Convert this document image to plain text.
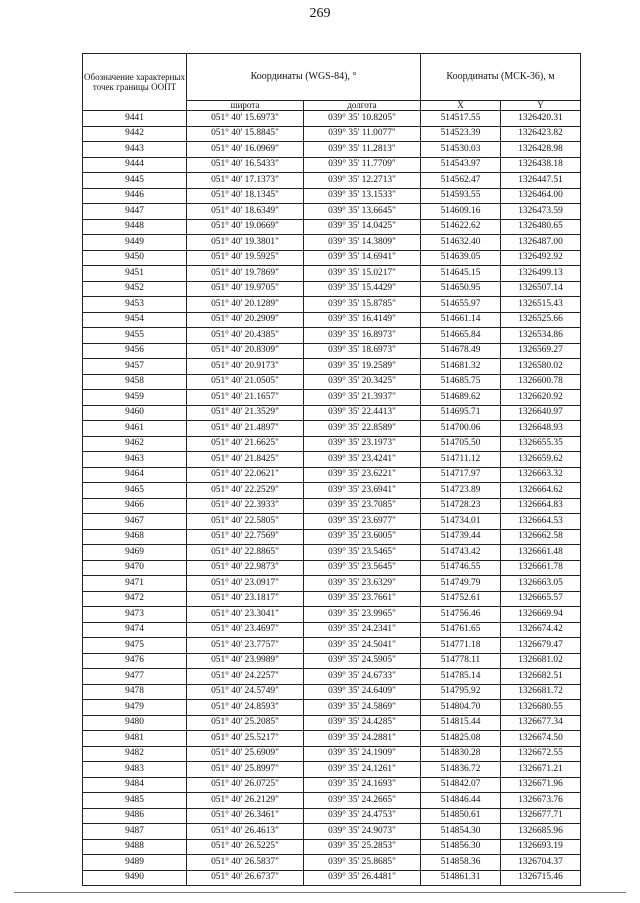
269
Обозначение характерных точек границы ООПТ	Координаты (WGS-84), °		Координаты (МСК-36), м	
	широта	долгота	X	Y
9441	051° 40' 15.6973"	039° 35' 10.8205"	514517.55	1326420.31
9442	051° 40' 15.8845"	039° 35' 11.0077"	514523.39	1326423.82
9443	051° 40' 16.0969"	039° 35' 11.2813"	514530.03	1326428.98
9444	051° 40' 16.5433"	039° 35' 11.7709"	514543.97	1326438.18
9445	051° 40' 17.1373"	039° 35' 12.2713"	514562.47	1326447.51
9446	051° 40' 18.1345"	039° 35' 13.1533"	514593.55	1326464.00
9447	051° 40' 18.6349"	039° 35' 13.6645"	514609.16	1326473.59
9448	051° 40' 19.0669"	039° 35' 14.0425"	514622.62	1326480.65
9449	051° 40' 19.3801"	039° 35' 14.3809"	514632.40	1326487.00
9450	051° 40' 19.5925"	039° 35' 14.6941"	514639.05	1326492.92
9451	051° 40' 19.7869"	039° 35' 15.0217"	514645.15	1326499.13
9452	051° 40' 19.9705"	039° 35' 15.4429"	514650.95	1326507.14
9453	051° 40' 20.1289"	039° 35' 15.8785"	514655.97	1326515.43
9454	051° 40' 20.2909"	039° 35' 16.4149"	514661.14	1326525.66
9455	051° 40' 20.4385"	039° 35' 16.8973"	514665.84	1326534.86
9456	051° 40' 20.8309"	039° 35' 18.6973"	514678.49	1326569.27
9457	051° 40' 20.9173"	039° 35' 19.2589"	514681.32	1326580.02
9458	051° 40' 21.0505"	039° 35' 20.3425"	514685.75	1326600.78
9459	051° 40' 21.1657"	039° 35' 21.3937"	514689.62	1326620.92
9460	051° 40' 21.3529"	039° 35' 22.4413"	514695.71	1326640.97
9461	051° 40' 21.4897"	039° 35' 22.8589"	514700.06	1326648.93
9462	051° 40' 21.6625"	039° 35' 23.1973"	514705.50	1326655.35
9463	051° 40' 21.8425"	039° 35' 23.4241"	514711.12	1326659.62
9464	051° 40' 22.0621"	039° 35' 23.6221"	514717.97	1326663.32
9465	051° 40' 22.2529"	039° 35' 23.6941"	514723.89	1326664.62
9466	051° 40' 22.3933"	039° 35' 23.7085"	514728.23	1326664.83
9467	051° 40' 22.5805"	039° 35' 23.6977"	514734.01	1326664.53
9468	051° 40' 22.7569"	039° 35' 23.6005"	514739.44	1326662.58
9469	051° 40' 22.8865"	039° 35' 23.5465"	514743.42	1326661.48
9470	051° 40' 22.9873"	039° 35' 23.5645"	514746.55	1326661.78
9471	051° 40' 23.0917"	039° 35' 23.6329"	514749.79	1326663.05
9472	051° 40' 23.1817"	039° 35' 23.7661"	514752.61	1326665.57
9473	051° 40' 23.3041"	039° 35' 23.9965"	514756.46	1326669.94
9474	051° 40' 23.4697"	039° 35' 24.2341"	514761.65	1326674.42
9475	051° 40' 23.7757"	039° 35' 24.5041"	514771.18	1326679.47
9476	051° 40' 23.9989"	039° 35' 24.5905"	514778.11	1326681.02
9477	051° 40' 24.2257"	039° 35' 24.6733"	514785.14	1326682.51
9478	051° 40' 24.5749"	039° 35' 24.6409"	514795.92	1326681.72
9479	051° 40' 24.8593"	039° 35' 24.5869"	514804.70	1326680.55
9480	051° 40' 25.2085"	039° 35' 24.4285"	514815.44	1326677.34
9481	051° 40' 25.5217"	039° 35' 24.2881"	514825.08	1326674.50
9482	051° 40' 25.6909"	039° 35' 24.1909"	514830.28	1326672.55
9483	051° 40' 25.8997"	039° 35' 24.1261"	514836.72	1326671.21
9484	051° 40' 26.0725"	039° 35' 24.1693"	514842.07	1326671.96
9485	051° 40' 26.2129"	039° 35' 24.2665"	514846.44	1326673.76
9486	051° 40' 26.3461"	039° 35' 24.4753"	514850.61	1326677.71
9487	051° 40' 26.4613"	039° 35' 24.9073"	514854.30	1326685.96
9488	051° 40' 26.5225"	039° 35' 25.2853"	514856.30	1326693.19
9489	051° 40' 26.5837"	039° 35' 25.8685"	514858.36	1326704.37
9490	051° 40' 26.6737"	039° 35' 26.4481"	514861.31	1326715.46
